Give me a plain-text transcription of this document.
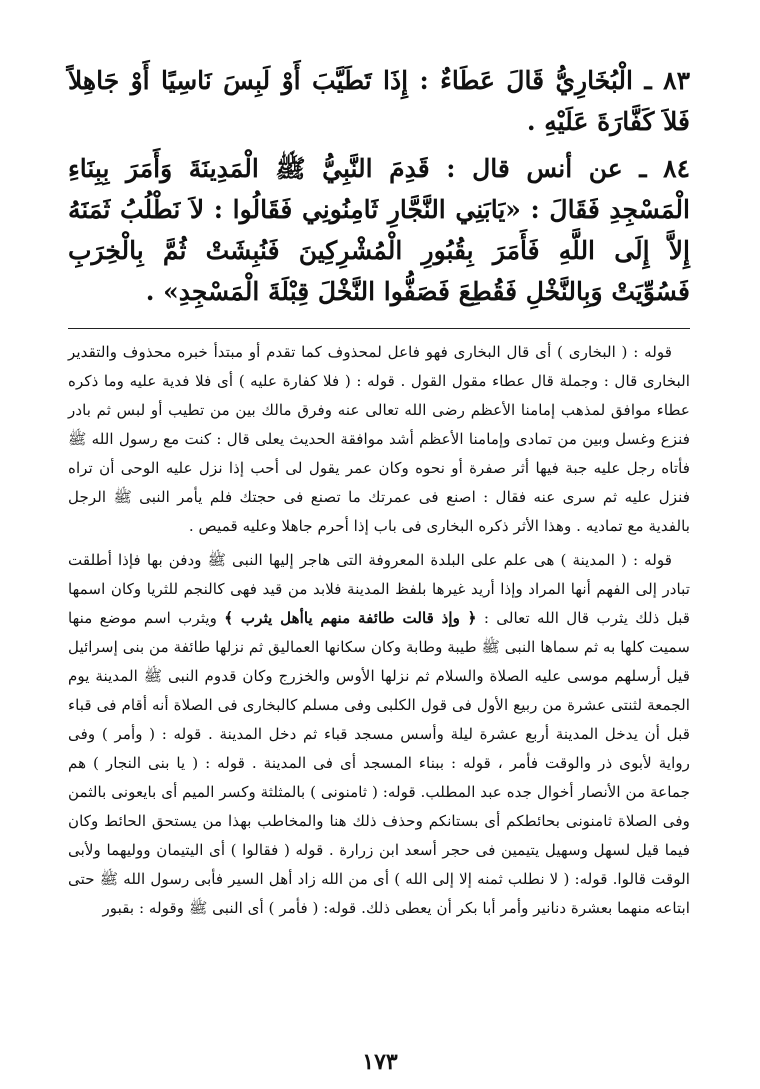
٨٣ ـ الْبُخَارِيُّ قَالَ عَطَاءٌ : إِذَا تَطَيَّبَ أَوْ لَبِسَ نَاسِيًا أَوْ جَاهِلاً فَلاَ كَفَّارَةَ عَلَيْهِ .

٨٤ ـ عن أنس قال : قَدِمَ النَّبِيُّ ﷺ الْمَدِينَةَ وَأَمَرَ بِبِنَاءِ الْمَسْجِدِ فَقَالَ : «يَابَنِي النَّجَّارِ ثَامِنُونِي فَقَالُوا : لاَ نَطْلُبُ ثَمَنَهُ إِلاَّ إِلَى اللَّهِ فَأَمَرَ بِقُبُورِ الْمُشْرِكِينَ فَنُبِشَتْ ثُمَّ بِالْخِرَبِ فَسُوِّيَتْ وَبِالنَّخْلِ فَقُطِعَ فَصَفُّوا النَّخْلَ قِبْلَةَ الْمَسْجِدِ» .

قوله : ( البخارى ) أى قال البخارى فهو فاعل لمحذوف كما تقدم أو مبتدأ خبره محذوف والتقدير البخارى قال : وجملة قال عطاء مقول القول . قوله : ( فلا كفارة عليه ) أى فلا فدية عليه وما ذكره عطاء موافق لمذهب إمامنا الأعظم رضى الله تعالى عنه وفرق مالك بين من تطيب أو لبس ثم بادر فنزع وغسل وبين من تمادى وإمامنا الأعظم أشد موافقة الحديث يعلى قال : كنت مع رسول الله ﷺ فأتاه رجل عليه جبة فيها أثر صفرة أو نحوه وكان عمر يقول لى أحب إذا نزل عليه الوحى أن تراه فنزل عليه ثم سرى عنه فقال : اصنع فى عمرتك ما تصنع فى حجتك فلم يأمر النبى ﷺ الرجل بالفدية مع تماديه . وهذا الأثر ذكره البخارى فى باب إذا أحرم جاهلا وعليه قميص .

قوله : ( المدينة ) هى علم على البلدة المعروفة التى هاجر إليها النبى ﷺ ودفن بها فإذا أطلقت تبادر إلى الفهم أنها المراد وإذا أريد غيرها بلفظ المدينة فلابد من قيد فهى كالنجم للثريا وكان اسمها قبل ذلك يثرب قال الله تعالى : ﴿ وإذ قالت طائفة منهم ياأهل يثرب ﴾ ويثرب اسم موضع منها سميت كلها به ثم سماها النبى ﷺ طيبة وطابة وكان سكانها العماليق ثم نزلها طائفة من بنى إسرائيل قيل أرسلهم موسى عليه الصلاة والسلام ثم نزلها الأوس والخزرج وكان قدوم النبى ﷺ المدينة يوم الجمعة لثنتى عشرة من ربيع الأول فى قول الكلبى وفى مسلم كالبخارى فى الصلاة أنه أقام فى قباء قبل أن يدخل المدينة أربع عشرة ليلة وأسس مسجد قباء ثم دخل المدينة . قوله : ( وأمر ) وفى رواية لأبوى ذر والوقت فأمر ، قوله : ببناء المسجد أى فى المدينة . قوله : ( يا بنى النجار ) هم جماعة من الأنصار أخوال جده عبد المطلب. قوله: ( ثامنونى ) بالمثلثة وكسر الميم أى بايعونى بالثمن وفى الصلاة ثامنونى بحائطكم أى بستانكم وحذف ذلك هنا والمخاطب بهذا من يستحق الحائط وكان فيما قيل لسهل وسهيل يتيمين فى حجر أسعد ابن زرارة . قوله ( فقالوا ) أى اليتيمان ووليهما ولأبى الوقت قالوا. قوله: ( لا نطلب ثمنه إلا إلى الله ) أى من الله زاد أهل السير فأبى رسول الله ﷺ حتى ابتاعه منهما بعشرة دنانير وأمر أبا بكر أن يعطى ذلك. قوله: ( فأمر ) أى النبى ﷺ وقوله : بقبور

١٧٣
